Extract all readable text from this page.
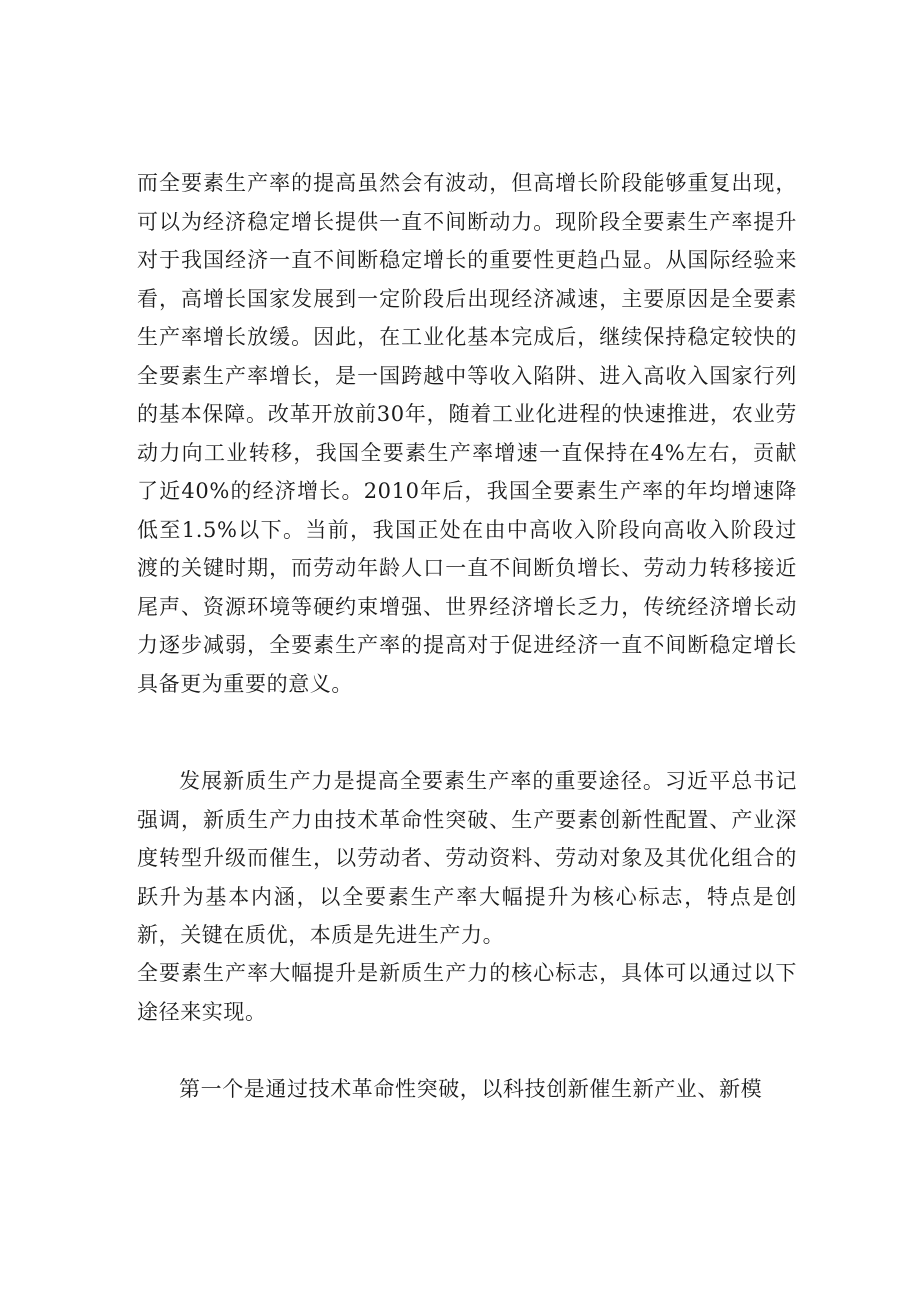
而全要素生产率的提高虽然会有波动，但高增长阶段能够重复出现，可以为经济稳定增长提供一直不间断动力。现阶段全要素生产率提升对于我国经济一直不间断稳定增长的重要性更趋凸显。从国际经验来看，高增长国家发展到一定阶段后出现经济减速，主要原因是全要素生产率增长放缓。因此，在工业化基本完成后，继续保持稳定较快的全要素生产率增长，是一国跨越中等收入陷阱、进入高收入国家行列的基本保障。改革开放前30年，随着工业化进程的快速推进，农业劳动力向工业转移，我国全要素生产率增速一直保持在4%左右，贡献了近40%的经济增长。2010年后，我国全要素生产率的年均增速降低至1.5%以下。当前，我国正处在由中高收入阶段向高收入阶段过渡的关键时期，而劳动年龄人口一直不间断负增长、劳动力转移接近尾声、资源环境等硬约束增强、世界经济增长乏力，传统经济增长动力逐步减弱，全要素生产率的提高对于促进经济一直不间断稳定增长具备更为重要的意义。

发展新质生产力是提高全要素生产率的重要途径。习近平总书记强调，新质生产力由技术革命性突破、生产要素创新性配置、产业深度转型升级而催生，以劳动者、劳动资料、劳动对象及其优化组合的跃升为基本内涵，以全要素生产率大幅提升为核心标志，特点是创新，关键在质优，本质是先进生产力。

全要素生产率大幅提升是新质生产力的核心标志，具体可以通过以下途径来实现。

第一个是通过技术革命性突破，以科技创新催生新产业、新模
